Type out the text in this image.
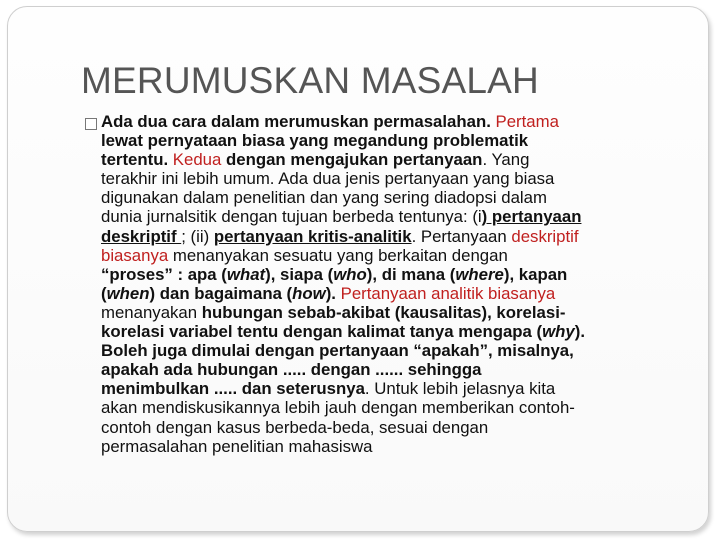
MERUMUSKAN MASALAH

Ada dua cara dalam merumuskan permasalahan. Pertama
lewat pernyataan biasa yang megandung problematik
tertentu. Kedua dengan mengajukan pertanyaan. Yang
terakhir ini lebih umum. Ada dua jenis pertanyaan yang biasa
digunakan dalam penelitian dan yang sering diadopsi dalam
dunia jurnalsitik dengan tujuan berbeda tentunya: (i) pertanyaan
deskriptif ; (ii) pertanyaan kritis-analitik. Pertanyaan deskriptif
biasanya menanyakan sesuatu yang berkaitan dengan
“proses” : apa (what), siapa (who), di mana (where), kapan
(when) dan bagaimana (how). Pertanyaan analitik biasanya
menanyakan hubungan sebab-akibat (kausalitas), korelasi-
korelasi variabel tentu dengan kalimat tanya mengapa (why).
Boleh juga dimulai dengan pertanyaan “apakah”, misalnya,
apakah ada hubungan ..... dengan ...... sehingga
menimbulkan ..... dan seterusnya. Untuk lebih jelasnya kita
akan mendiskusikannya lebih jauh dengan memberikan contoh-
contoh dengan kasus berbeda-beda, sesuai dengan
permasalahan penelitian mahasiswa
